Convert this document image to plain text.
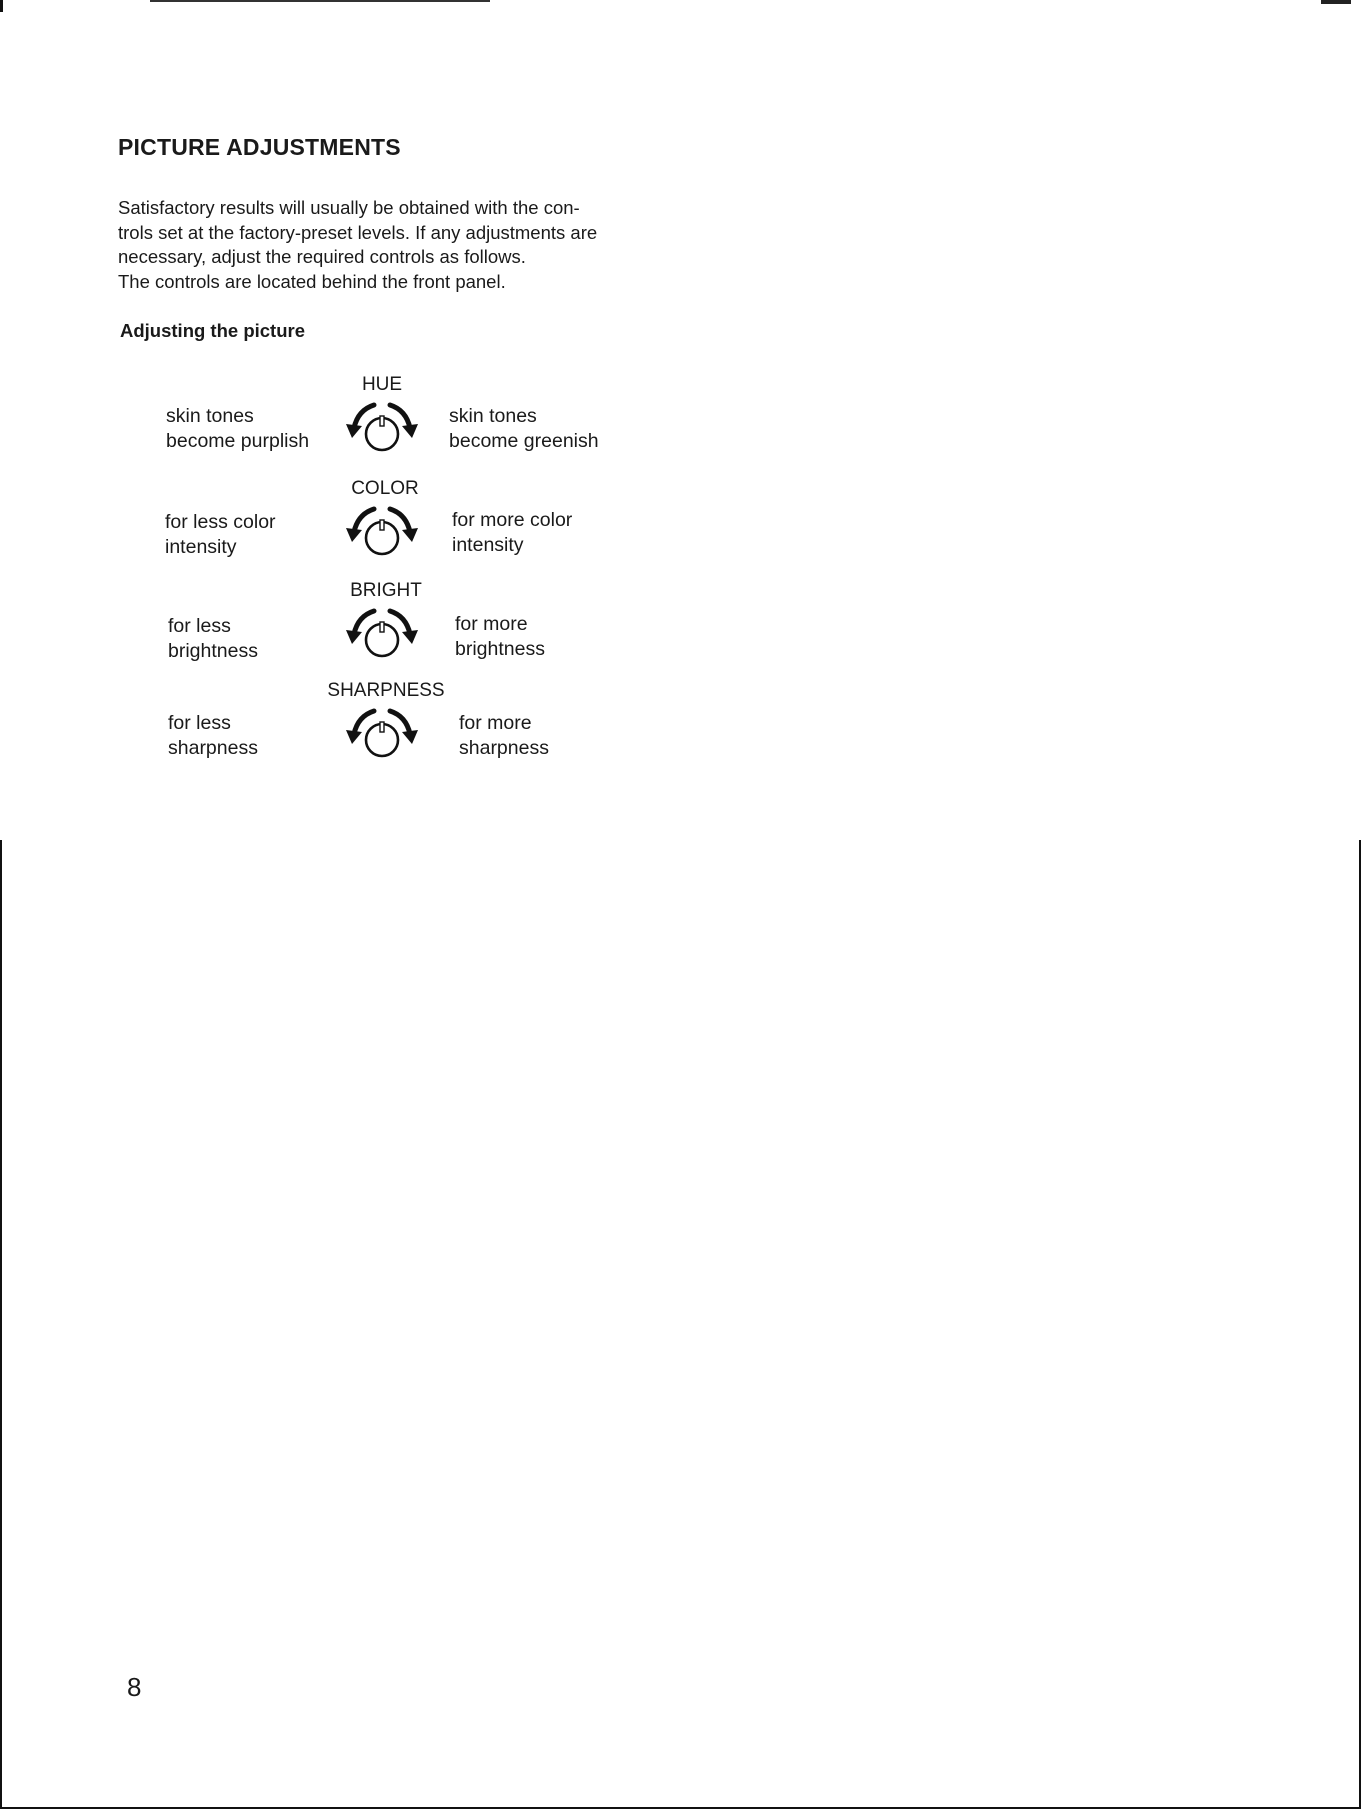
PICTURE ADJUSTMENTS

Satisfactory results will usually be obtained with the con-
trols set at the factory-preset levels. If any adjustments are
necessary, adjust the required controls as follows.
The controls are located behind the front panel.

Adjusting the picture
HUE
skin tones
become purplish
skin tones
become greenish
COLOR
for less color
intensity
for more color
intensity
BRIGHT
for less
brightness
for more
brightness
SHARPNESS
for less
sharpness
for more
sharpness
8
